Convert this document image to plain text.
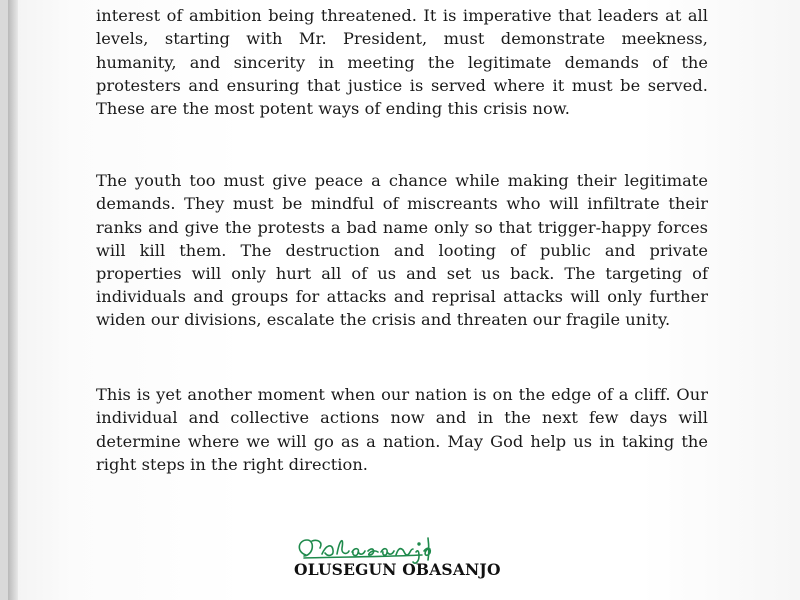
interest of ambition being threatened. It is imperative that leaders at all levels, starting with Mr. President, must demonstrate meekness, humanity, and sincerity in meeting the legitimate demands of the protesters and ensuring that justice is served where it must be served. These are the most potent ways of ending this crisis now.

The youth too must give peace a chance while making their legitimate demands. They must be mindful of miscreants who will infiltrate their ranks and give the protests a bad name only so that trigger-happy forces will kill them. The destruction and looting of public and private properties will only hurt all of us and set us back. The targeting of individuals and groups for attacks and reprisal attacks will only further widen our divisions, escalate the crisis and threaten our fragile unity.

This is yet another moment when our nation is on the edge of a cliff. Our individual and collective actions now and in the next few days will determine where we will go as a nation. May God help us in taking the right steps in the right direction.

OLUSEGUN OBASANJO
